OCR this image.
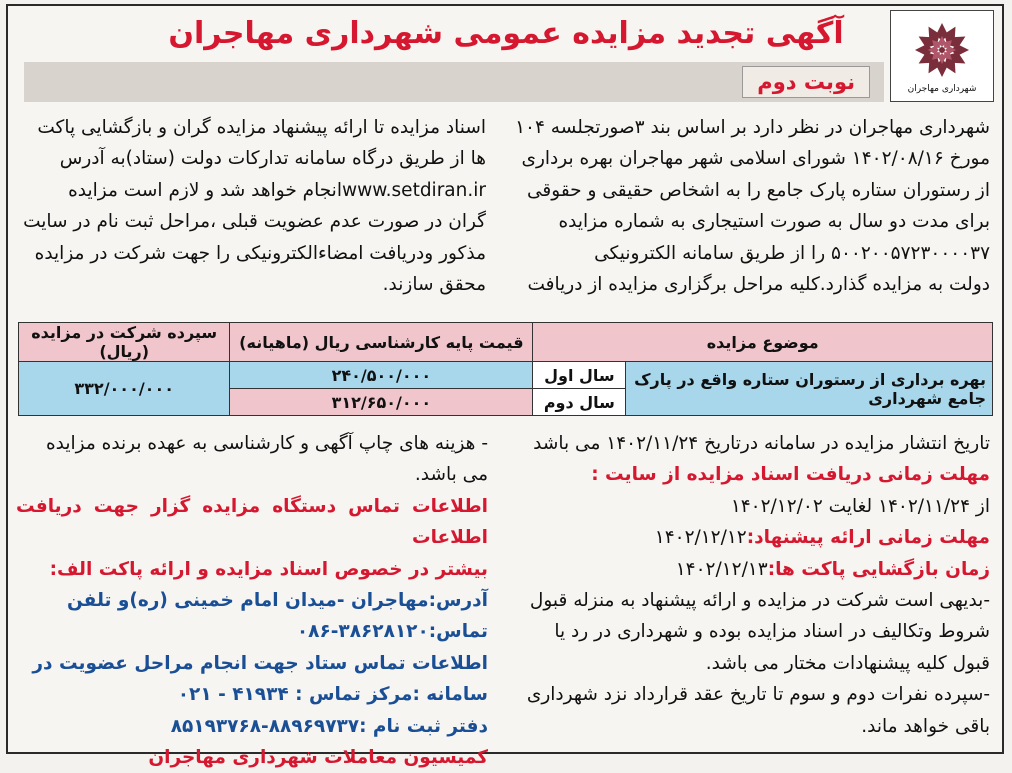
شهرداری مهاجران
آگهی تجدید مزایده عمومی شهرداری مهاجران
نوبت دوم

شهرداری مهاجران در نظر دارد بر اساس بند ۳صورتجلسه ۱۰۴

مورخ ۱۴۰۲/۰۸/۱۶ شورای اسلامی شهر مهاجران بهره برداری

از رستوران ستاره پارک جامع را به اشخاص حقیقی و حقوقی

برای مدت دو سال به صورت استیجاری به شماره مزایده

۵۰۰۲۰۰۵۷۲۳۰۰۰۰۳۷ را از طریق سامانه الکترونیکی

دولت به مزایده گذارد.کلیه مراحل برگزاری مزایده از دریافت

اسناد مزایده تا ارائه پیشنهاد مزایده گران و بازگشایی پاکت

ها از طریق درگاه سامانه تدارکات دولت (ستاد)به آدرس

www.setdiran.irانجام خواهد شد و لازم است مزایده

گران در صورت عدم عضویت قبلی ،مراحل ثبت نام در سایت

مذکور ودریافت امضاءالکترونیکی را جهت شرکت در مزایده

محقق سازند.

موضوع مزایده		قیمت پایه کارشناسی ریال (ماهیانه)	سپرده شرکت در مزایده (ریال)
بهره برداری از رستوران ستاره واقع در پارک جامع شهرداری	سال اول	۲۴۰/۵۰۰/۰۰۰	۳۳۲/۰۰۰/۰۰۰
	سال دوم	۳۱۲/۶۵۰/۰۰۰	

تاریخ انتشار مزایده در سامانه درتاریخ ۱۴۰۲/۱۱/۲۴ می باشد

مهلت زمانی دریافت اسناد مزایده از سایت :

از ۱۴۰۲/۱۱/۲۴ لغایت ۱۴۰۲/۱۲/۰۲

مهلت زمانی ارائه پیشنهاد:۱۴۰۲/۱۲/۱۲

زمان بازگشایی پاکت ها:۱۴۰۲/۱۲/۱۳

-بدیهی است شرکت در مزایده و ارائه پیشنهاد به منزله قبول

شروط وتکالیف در اسناد مزایده بوده و شهرداری در رد یا

قبول کلیه پیشنهادات مختار می باشد.

-سپرده نفرات دوم و سوم تا تاریخ عقد قرارداد نزد شهرداری

باقی خواهد ماند.

- هزینه های چاپ آگهی و کارشناسی به عهده برنده مزایده

می باشد.

اطلاعات تماس دستگاه مزایده گزار جهت دریافت اطلاعات

بیشتر در خصوص اسناد مزایده و ارائه پاکت الف:

آدرس:مهاجران -میدان امام خمینی (ره)و تلفن

تماس:۳۸۶۲۸۱۲۰-۰۸۶

اطلاعات تماس ستاد جهت انجام مراحل عضویت در

سامانه :مرکز تماس : ۴۱۹۳۴ - ۰۲۱

دفتر ثبت نام :۸۸۹۶۹۷۳۷-۸۵۱۹۳۷۶۸

کمیسیون معاملات شهرداری مهاجران
